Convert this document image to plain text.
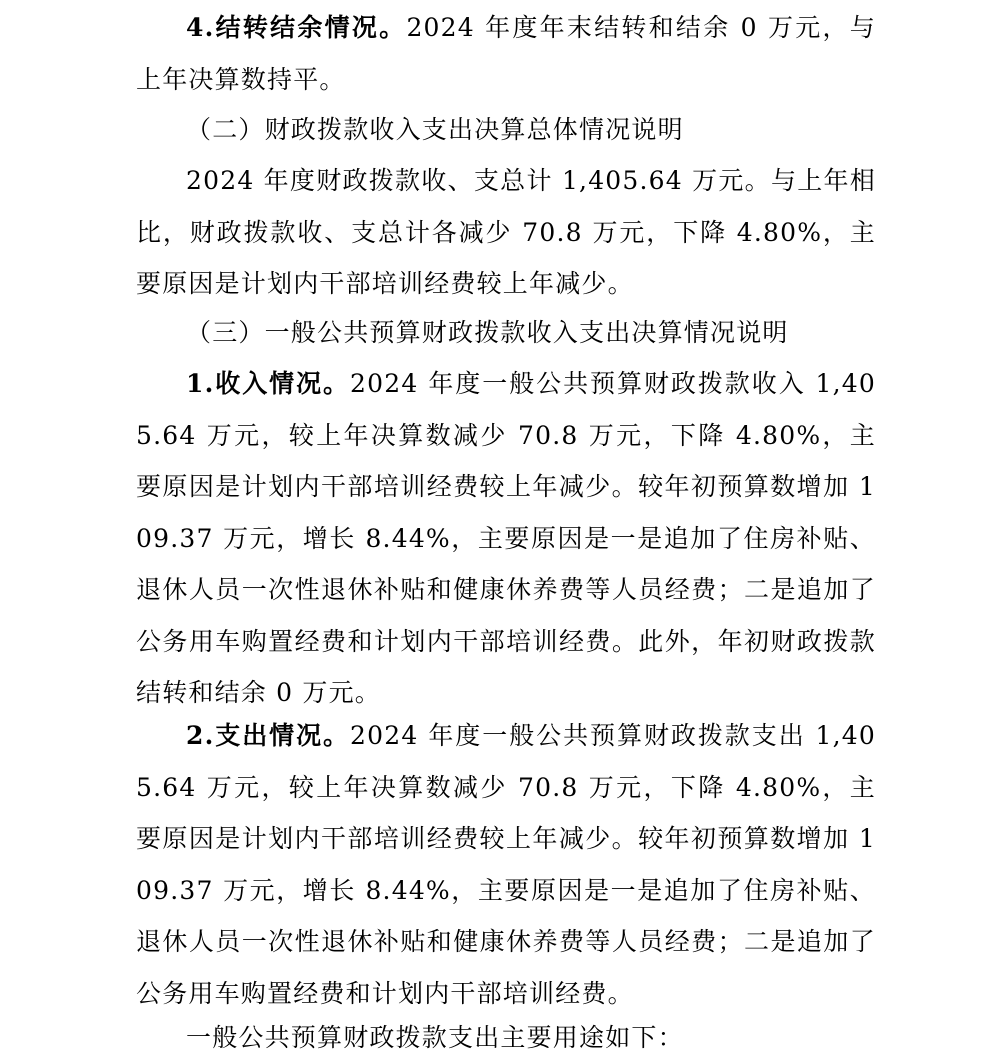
4.结转结余情况。2024 年度年末结转和结余 0 万元，与上年决算数持平。

（二）财政拨款收入支出决算总体情况说明

2024 年度财政拨款收、支总计 1,405.64 万元。与上年相比，财政拨款收、支总计各减少 70.8 万元，下降 4.80%，主要原因是计划内干部培训经费较上年减少。

（三）一般公共预算财政拨款收入支出决算情况说明

1.收入情况。2024 年度一般公共预算财政拨款收入 1,405.64 万元，较上年决算数减少 70.8 万元，下降 4.80%，主要原因是计划内干部培训经费较上年减少。较年初预算数增加 109.37 万元，增长 8.44%，主要原因是一是追加了住房补贴、退休人员一次性退休补贴和健康休养费等人员经费；二是追加了公务用车购置经费和计划内干部培训经费。此外，年初财政拨款结转和结余 0 万元。

2.支出情况。2024 年度一般公共预算财政拨款支出 1,405.64 万元，较上年决算数减少 70.8 万元，下降 4.80%，主要原因是计划内干部培训经费较上年减少。较年初预算数增加 109.37 万元，增长 8.44%，主要原因是一是追加了住房补贴、退休人员一次性退休补贴和健康休养费等人员经费；二是追加了公务用车购置经费和计划内干部培训经费。

一般公共预算财政拨款支出主要用途如下：
